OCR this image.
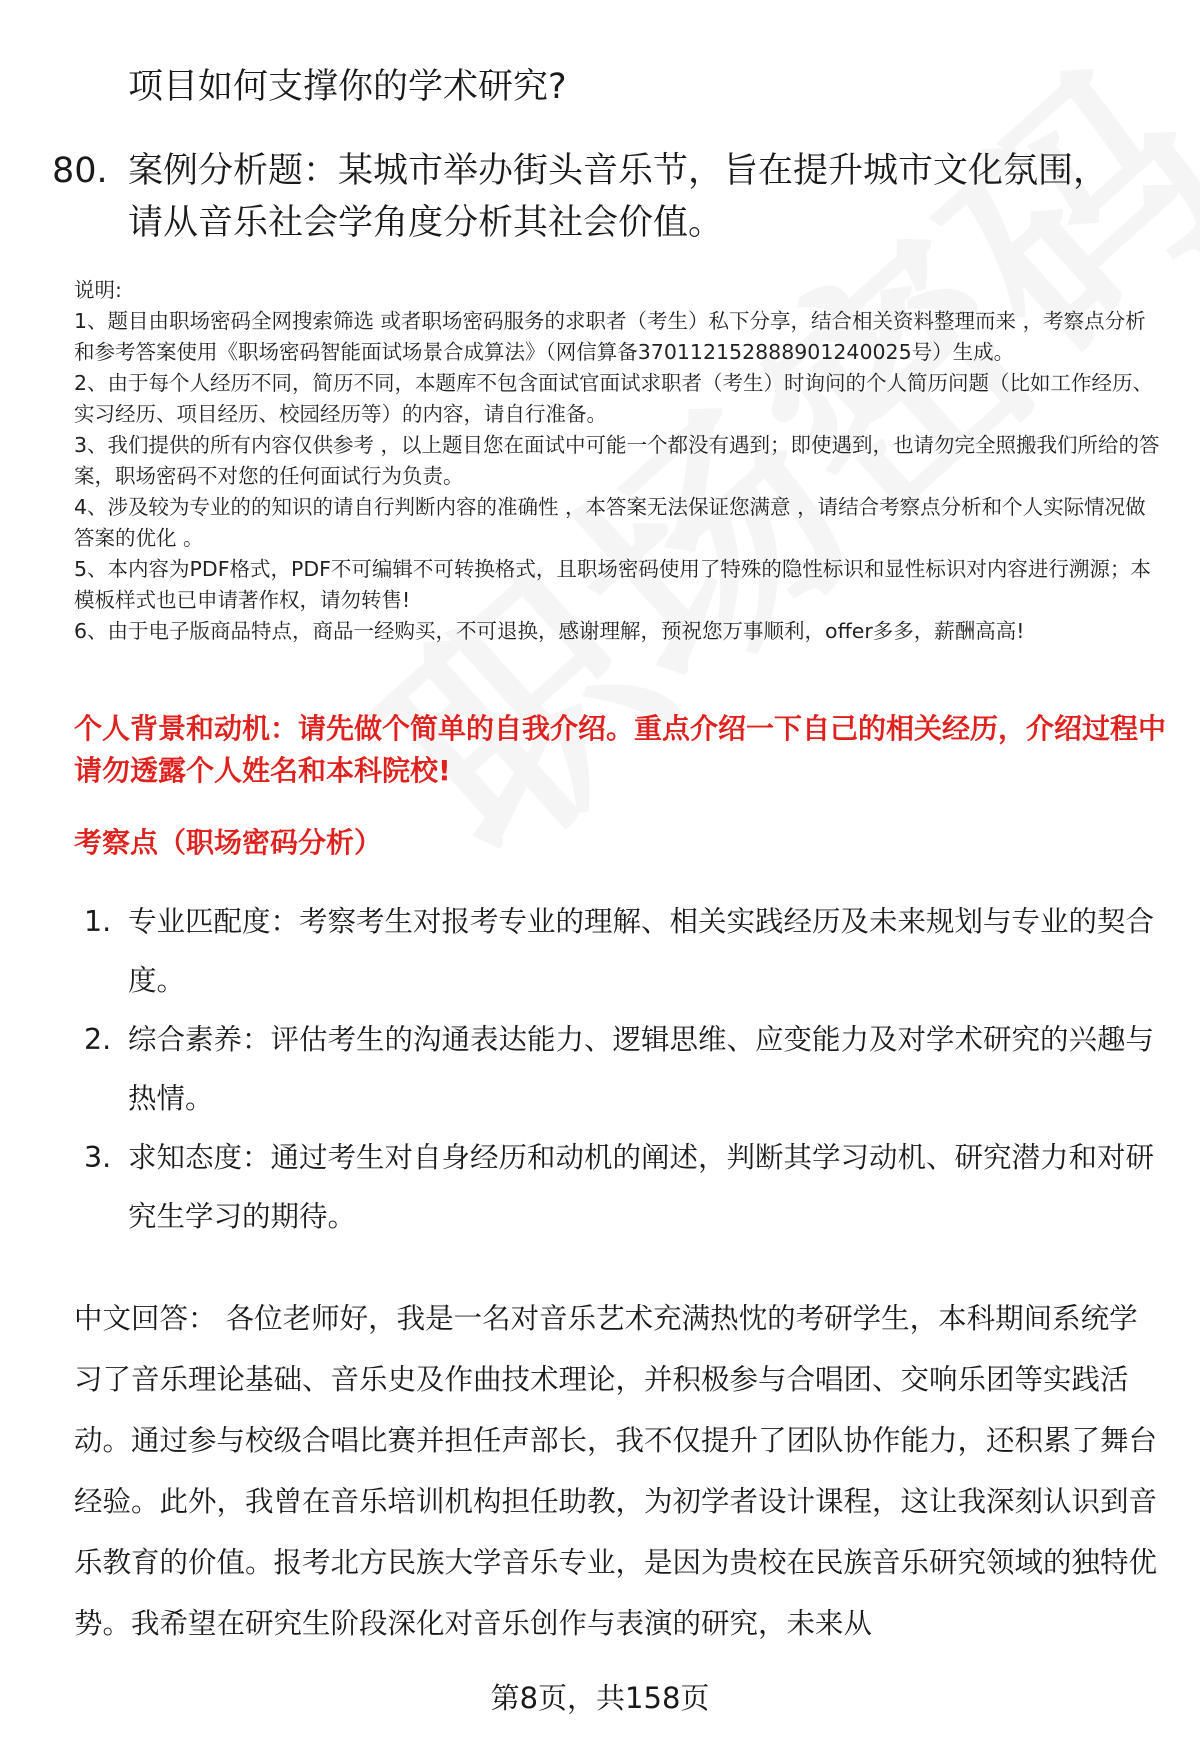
项目如何支撑你的学术研究?
80. 案例分析题：某城市举办街头音乐节，旨在提升城市文化氛围，
请从音乐社会学角度分析其社会价值。

说明:

1、题目由职场密码全网搜索筛选 或者职场密码服务的求职者（考生）私下分享，结合相关资料整理而来 ，考察点分析和参考答案使用《职场密码智能面试场景合成算法》（网信算备370112152888901240025号）生成。

2、由于每个人经历不同，简历不同，本题库不包含面试官面试求职者（考生）时询问的个人简历问题（比如工作经历、实习经历、项目经历、校园经历等）的内容，请自行准备。

3、我们提供的所有内容仅供参考 ，以上题目您在面试中可能一个都没有遇到；即使遇到，也请勿完全照搬我们所给的答案，职场密码不对您的任何面试行为负责。

4、涉及较为专业的的知识的请自行判断内容的准确性 ，本答案无法保证您满意 ，请结合考察点分析和个人实际情况做答案的优化 。

5、本内容为PDF格式，PDF不可编辑不可转换格式，且职场密码使用了特殊的隐性标识和显性标识对内容进行溯源；本模板样式也已申请著作权，请勿转售!

6、由于电子版商品特点，商品一经购买，不可退换，感谢理解，预祝您万事顺利，offer多多，薪酬高高!

个人背景和动机：请先做个简单的自我介绍。重点介绍一下自己的相关经历，介绍过程中请勿透露个人姓名和本科院校!
考察点（职场密码分析）
1. 专业匹配度：考察考生对报考专业的理解、相关实践经历及未来规划与专业的契合度。
2. 综合素养：评估考生的沟通表达能力、逻辑思维、应变能力及对学术研究的兴趣与热情。
3. 求知态度：通过考生对自身经历和动机的阐述，判断其学习动机、研究潜力和对研究生学习的期待。
中文回答： 各位老师好，我是一名对音乐艺术充满热忱的考研学生，本科期间系统学习了音乐理论基础、音乐史及作曲技术理论，并积极参与合唱团、交响乐团等实践活动。通过参与校级合唱比赛并担任声部长，我不仅提升了团队协作能力，还积累了舞台经验。此外，我曾在音乐培训机构担任助教，为初学者设计课程，这让我深刻认识到音乐教育的价值。报考北方民族大学音乐专业，是因为贵校在民族音乐研究领域的独特优势。我希望在研究生阶段深化对音乐创作与表演的研究，未来从
第8页，共158页
